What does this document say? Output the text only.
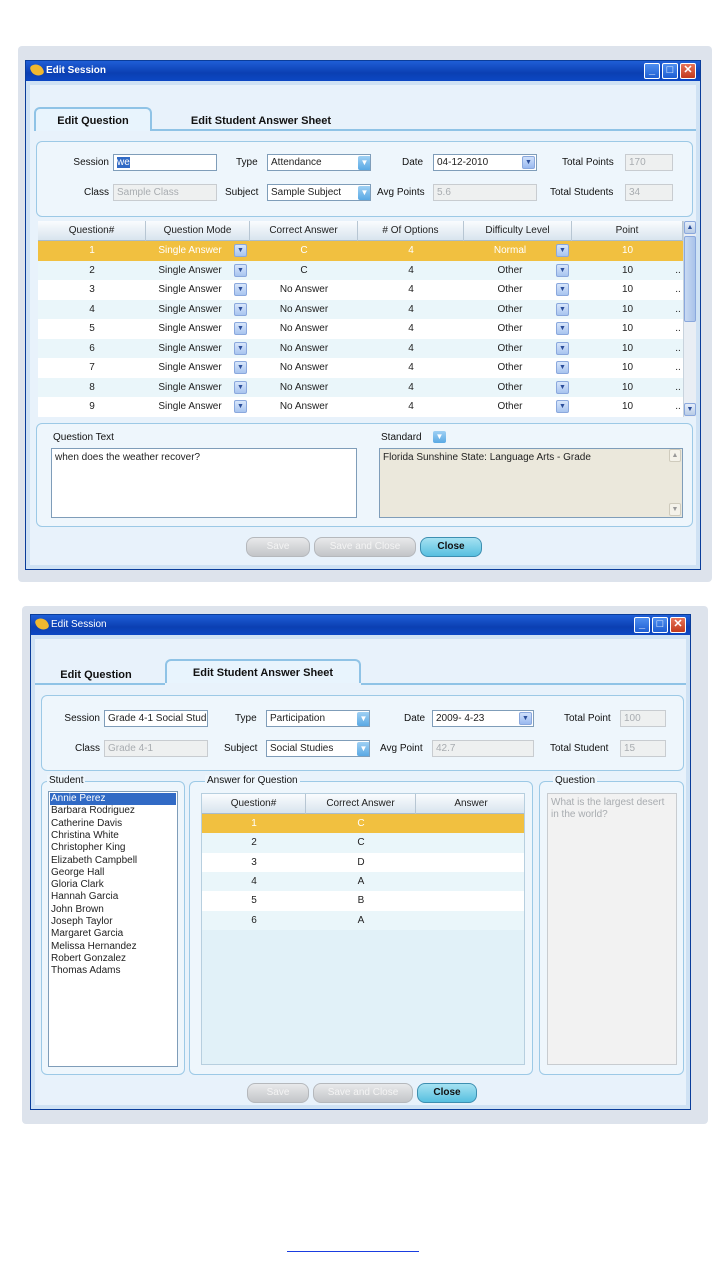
Edit Session	_	□ ✕
Edit Question	Edit Student Answer Sheet
Session we	Type	Attendance	▼	Date	04-12-2010	▼	Total Points	170
Class Sample Class	Subject	Sample Subject	▼ Avg Points	5.6	Total Students	34
Question#	Question Mode	Correct Answer	# Of Options	Difficulty Level	Point
1	Single Answer	▼	C	4	Normal	▼	10
2	Single Answer	▼	C	4	Other	▼	10	..
3	Single Answer	▼	No Answer	4	Other	▼	10	..
4	Single Answer	▼	No Answer	4	Other	▼	10	..
5	Single Answer	▼	No Answer	4	Other	▼	10	..
6	Single Answer	▼	No Answer	4	Other	▼	10	..
7	Single Answer	▼	No Answer	4	Other	▼	10	..
8	Single Answer	▼	No Answer	4	Other	▼	10	..
9	Single Answer	▼	No Answer	4	Other	▼	10	..
▲
▼
Question Text
when does the weather recover?
Standard	▼
Florida Sunshine State: Language Arts - Grade	▲
▼
Save	Save and Close	Close
Edit Session	_	□ ✕
Edit Question	Edit Student Answer Sheet
Session Grade 4-1 Social Stud	Type	Participation	▼	Date	2009- 4-23	▼	Total Point	100
Class Grade 4-1	Subject	Social Studies	▼ Avg Point	42.7	Total Student	15
Student
Annie Perez
Barbara Rodriguez
Catherine Davis
Christina White
Christopher King
Elizabeth Campbell
George Hall
Gloria Clark
Hannah Garcia
John Brown
Joseph Taylor
Margaret Garcia
Melissa Hernandez
Robert Gonzalez
Thomas Adams
Answer for Question
Question#	Correct Answer	Answer
1	C
2	C
3	D
4	A
5	B
6	A
Question
What is the largest desert in the world?
Save	Save and Close	Close
